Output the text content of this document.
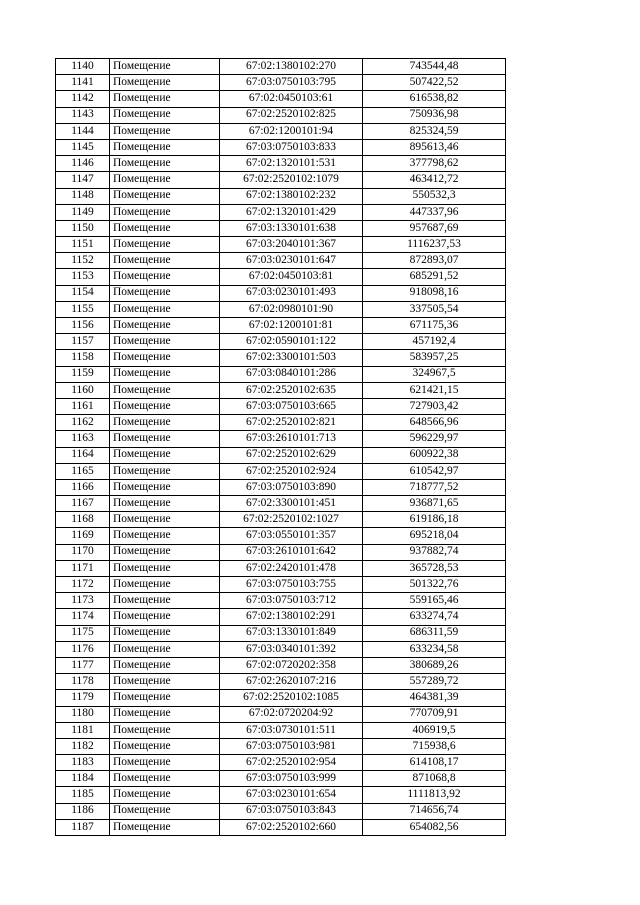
1140	Помещение	67:02:1380102:270	743544,48
1141	Помещение	67:03:0750103:795	507422,52
1142	Помещение	67:02:0450103:61	616538,82
1143	Помещение	67:02:2520102:825	750936,98
1144	Помещение	67:02:1200101:94	825324,59
1145	Помещение	67:03:0750103:833	895613,46
1146	Помещение	67:02:1320101:531	377798,62
1147	Помещение	67:02:2520102:1079	463412,72
1148	Помещение	67:02:1380102:232	550532,3
1149	Помещение	67:02:1320101:429	447337,96
1150	Помещение	67:03:1330101:638	957687,69
1151	Помещение	67:03:2040101:367	1116237,53
1152	Помещение	67:03:0230101:647	872893,07
1153	Помещение	67:02:0450103:81	685291,52
1154	Помещение	67:03:0230101:493	918098,16
1155	Помещение	67:02:0980101:90	337505,54
1156	Помещение	67:02:1200101:81	671175,36
1157	Помещение	67:02:0590101:122	457192,4
1158	Помещение	67:02:3300101:503	583957,25
1159	Помещение	67:03:0840101:286	324967,5
1160	Помещение	67:02:2520102:635	621421,15
1161	Помещение	67:03:0750103:665	727903,42
1162	Помещение	67:02:2520102:821	648566,96
1163	Помещение	67:03:2610101:713	596229,97
1164	Помещение	67:02:2520102:629	600922,38
1165	Помещение	67:02:2520102:924	610542,97
1166	Помещение	67:03:0750103:890	718777,52
1167	Помещение	67:02:3300101:451	936871,65
1168	Помещение	67:02:2520102:1027	619186,18
1169	Помещение	67:03:0550101:357	695218,04
1170	Помещение	67:03:2610101:642	937882,74
1171	Помещение	67:02:2420101:478	365728,53
1172	Помещение	67:03:0750103:755	501322,76
1173	Помещение	67:03:0750103:712	559165,46
1174	Помещение	67:02:1380102:291	633274,74
1175	Помещение	67:03:1330101:849	686311,59
1176	Помещение	67:03:0340101:392	633234,58
1177	Помещение	67:02:0720202:358	380689,26
1178	Помещение	67:02:2620107:216	557289,72
1179	Помещение	67:02:2520102:1085	464381,39
1180	Помещение	67:02:0720204:92	770709,91
1181	Помещение	67:03:0730101:511	406919,5
1182	Помещение	67:03:0750103:981	715938,6
1183	Помещение	67:02:2520102:954	614108,17
1184	Помещение	67:03:0750103:999	871068,8
1185	Помещение	67:03:0230101:654	1111813,92
1186	Помещение	67:03:0750103:843	714656,74
1187	Помещение	67:02:2520102:660	654082,56
